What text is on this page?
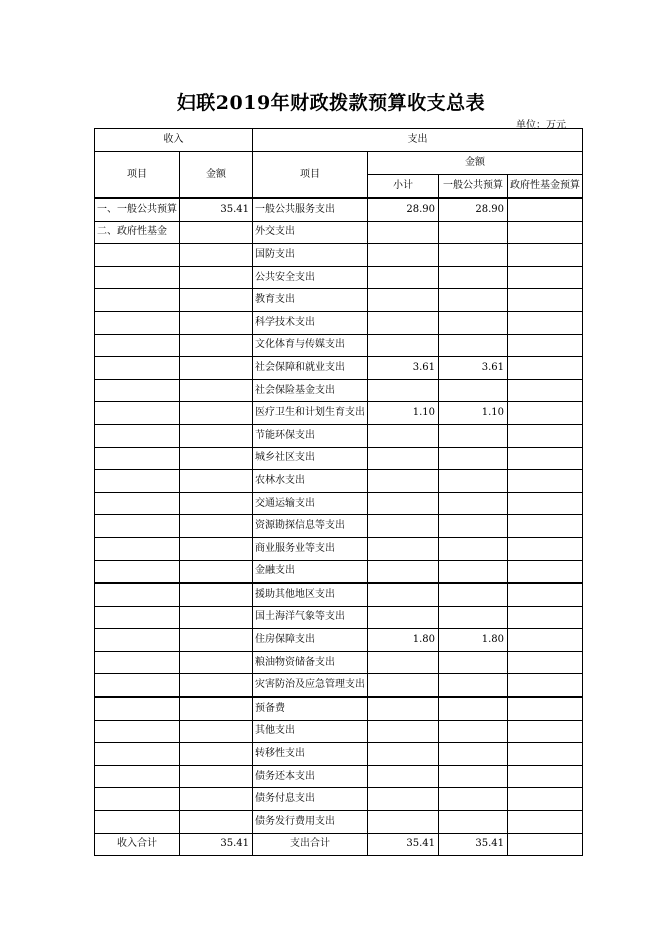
妇联2019年财政拨款预算收支总表
单位：万元
收入		支出			
项目	金额	项目	金额		
			小计	一般公共预算	政府性基金预算
一、一般公共预算	35.41	一般公共服务支出	28.90	28.90	
二、政府性基金		外交支出			
		国防支出			
		公共安全支出			
		教育支出			
		科学技术支出			
		文化体育与传媒支出			
		社会保障和就业支出	3.61	3.61	
		社会保险基金支出			
		医疗卫生和计划生育支出	1.10	1.10	
		节能环保支出			
		城乡社区支出			
		农林水支出			
		交通运输支出			
		资源勘探信息等支出			
		商业服务业等支出			
		金融支出			
		援助其他地区支出			
		国土海洋气象等支出			
		住房保障支出	1.80	1.80	
		粮油物资储备支出			
		灾害防治及应急管理支出			
		预备费			
		其他支出			
		转移性支出			
		债务还本支出			
		债务付息支出			
		债务发行费用支出			
收入合计	35.41	支出合计	35.41	35.41	
